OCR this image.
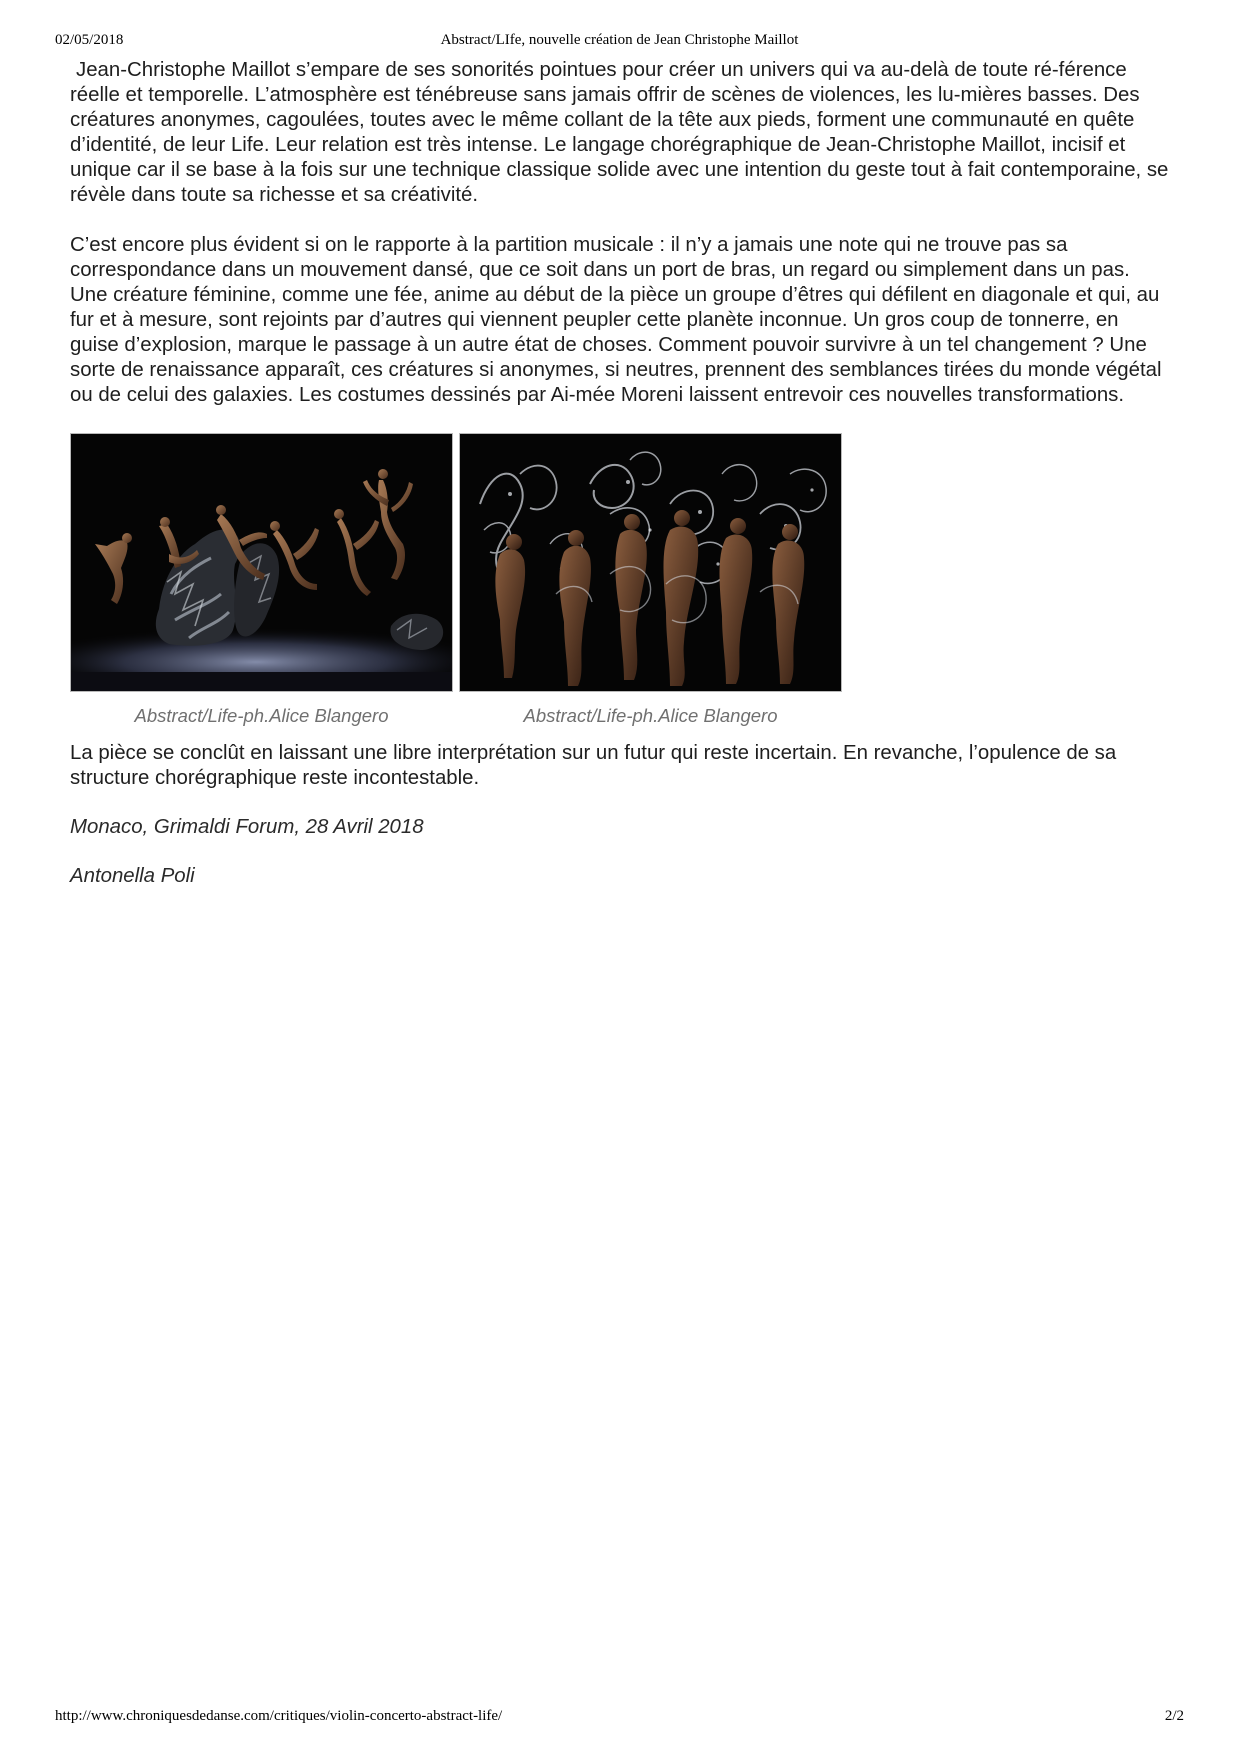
02/05/2018	Abstract/LIfe, nouvelle création de Jean Christophe Maillot

Jean-Christophe Maillot s’empare de ses sonorités pointues pour créer un univers qui va au-delà de toute ré-férence réelle et temporelle. L’atmosphère est ténébreuse sans jamais offrir de scènes de violences, les lu-mières basses. Des créatures anonymes, cagoulées, toutes avec le même collant de la tête aux pieds, forment une communauté en quête d’identité, de leur Life. Leur relation est très intense. Le langage chorégraphique de Jean-Christophe Maillot, incisif et unique car il se base à la fois sur une technique classique solide avec une intention du geste tout à fait contemporaine, se révèle dans toute sa richesse et sa créativité.

C’est encore plus évident si on le rapporte à la partition musicale : il n’y a jamais une note qui ne trouve pas sa correspondance dans un mouvement dansé, que ce soit dans un port de bras, un regard ou simplement dans un pas. Une créature féminine, comme une fée, anime au début de la pièce un groupe d’êtres qui défilent en diagonale et qui, au fur et à mesure, sont rejoints par d’autres qui viennent peupler cette planète inconnue. Un gros coup de tonnerre, en guise d’explosion, marque le passage à un autre état de choses. Comment pouvoir survivre à un tel changement ? Une sorte de renaissance apparaît, ces créatures si anonymes, si neutres, prennent des semblances tirées du monde végétal ou de celui des galaxies. Les costumes dessinés par Ai-mée Moreni laissent entrevoir ces nouvelles transformations.

Abstract/Life-ph.Alice Blangero	Abstract/Life-ph.Alice Blangero

La pièce se conclût en laissant une libre interprétation sur un futur qui reste incertain. En revanche, l’opulence de sa structure chorégraphique reste incontestable.

Monaco, Grimaldi Forum, 28 Avril 2018

Antonella Poli

http://www.chroniquesdedanse.com/critiques/violin-concerto-abstract-life/	2/2
